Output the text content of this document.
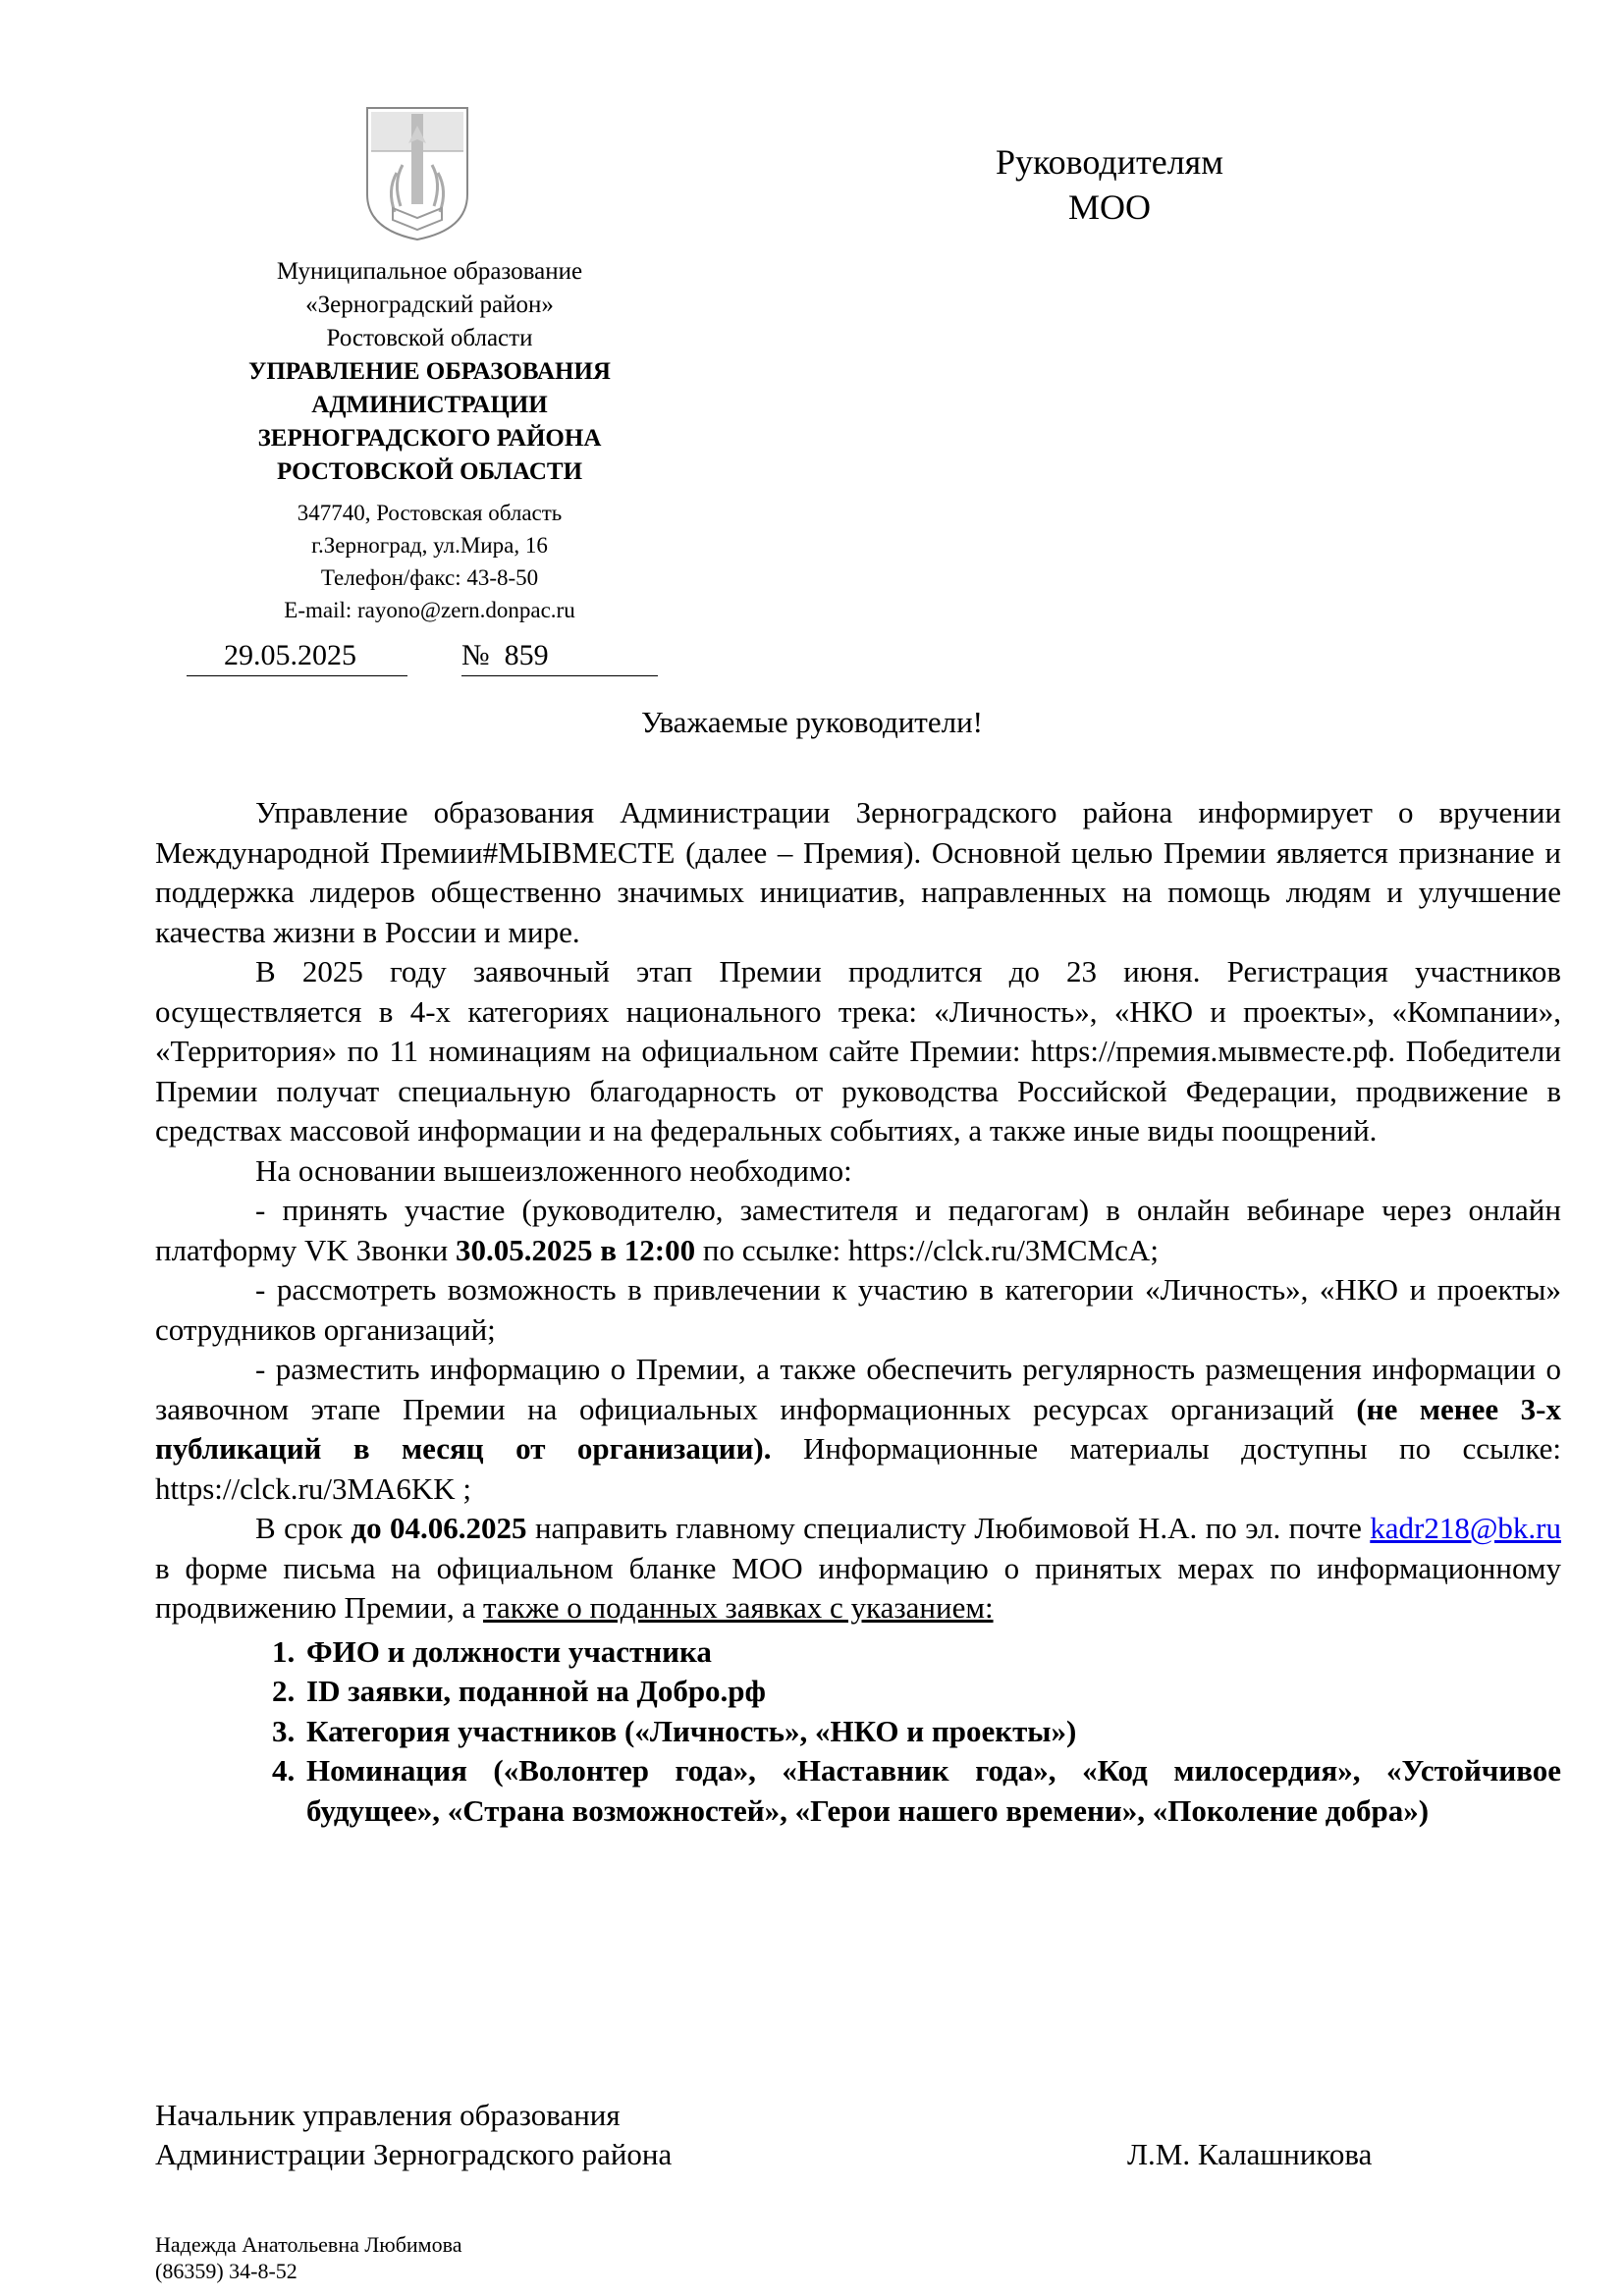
Муниципальное образование
«Зерноградский район»
Ростовской области
УПРАВЛЕНИЕ ОБРАЗОВАНИЯ
АДМИНИСТРАЦИИ
ЗЕРНОГРАДСКОГО РАЙОНА
РОСТОВСКОЙ ОБЛАСТИ
347740, Ростовская область
г.Зерноград, ул.Мира, 16
Телефон/факс: 43-8-50
E-mail: rayono@zern.donpac.ru
29.05.2025	№  859
Руководителям
МОО
Уважаемые руководители!

Управление образования Администрации Зерноградского района информирует о вручении Международной Премии#МЫВМЕСТЕ (далее – Премия). Основной целью Премии является признание и поддержка лидеров общественно значимых инициатив, направленных на помощь людям и улучшение качества жизни в России и мире.

В 2025 году заявочный этап Премии продлится до 23 июня. Регистрация участников осуществляется в 4-х категориях национального трека: «Личность», «НКО и проекты», «Компании», «Территория» по 11 номинациям на официальном сайте Премии: https://премия.мывместе.рф. Победители Премии получат специальную благодарность от руководства Российской Федерации, продвижение в средствах массовой информации и на федеральных событиях, а также иные виды поощрений.

На основании вышеизложенного необходимо:

- принять участие (руководителю, заместителя и педагогам) в онлайн вебинаре через онлайн платформу VK Звонки 30.05.2025 в 12:00 по ссылке: https://clck.ru/3MCMcA;

- рассмотреть возможность в привлечении к участию в категории «Личность», «НКО и проекты» сотрудников организаций;

- разместить информацию о Премии, а также обеспечить регулярность размещения информации о заявочном этапе Премии на официальных информационных ресурсах организаций (не менее 3-х публикаций в месяц от организации). Информационные материалы доступны по ссылке: https://clck.ru/3MA6KK ;

В срок до 04.06.2025 направить главному специалисту Любимовой Н.А. по эл. почте kadr218@bk.ru в форме письма на официальном бланке МОО информацию о принятых мерах по информационному продвижению Премии, а также о поданных заявках с указанием:

1. ФИО и должности участника
2. ID заявки, поданной на Добро.рф
3. Категория участников («Личность», «НКО и проекты»)
4. Номинация («Волонтер года», «Наставник года», «Код милосердия», «Устойчивое будущее», «Страна возможностей», «Герои нашего времени», «Поколение добра»)
Начальник управления образования
Администрации Зерноградского района	Л.М. Калашникова
Надежда Анатольевна Любимова
(86359) 34-8-52
